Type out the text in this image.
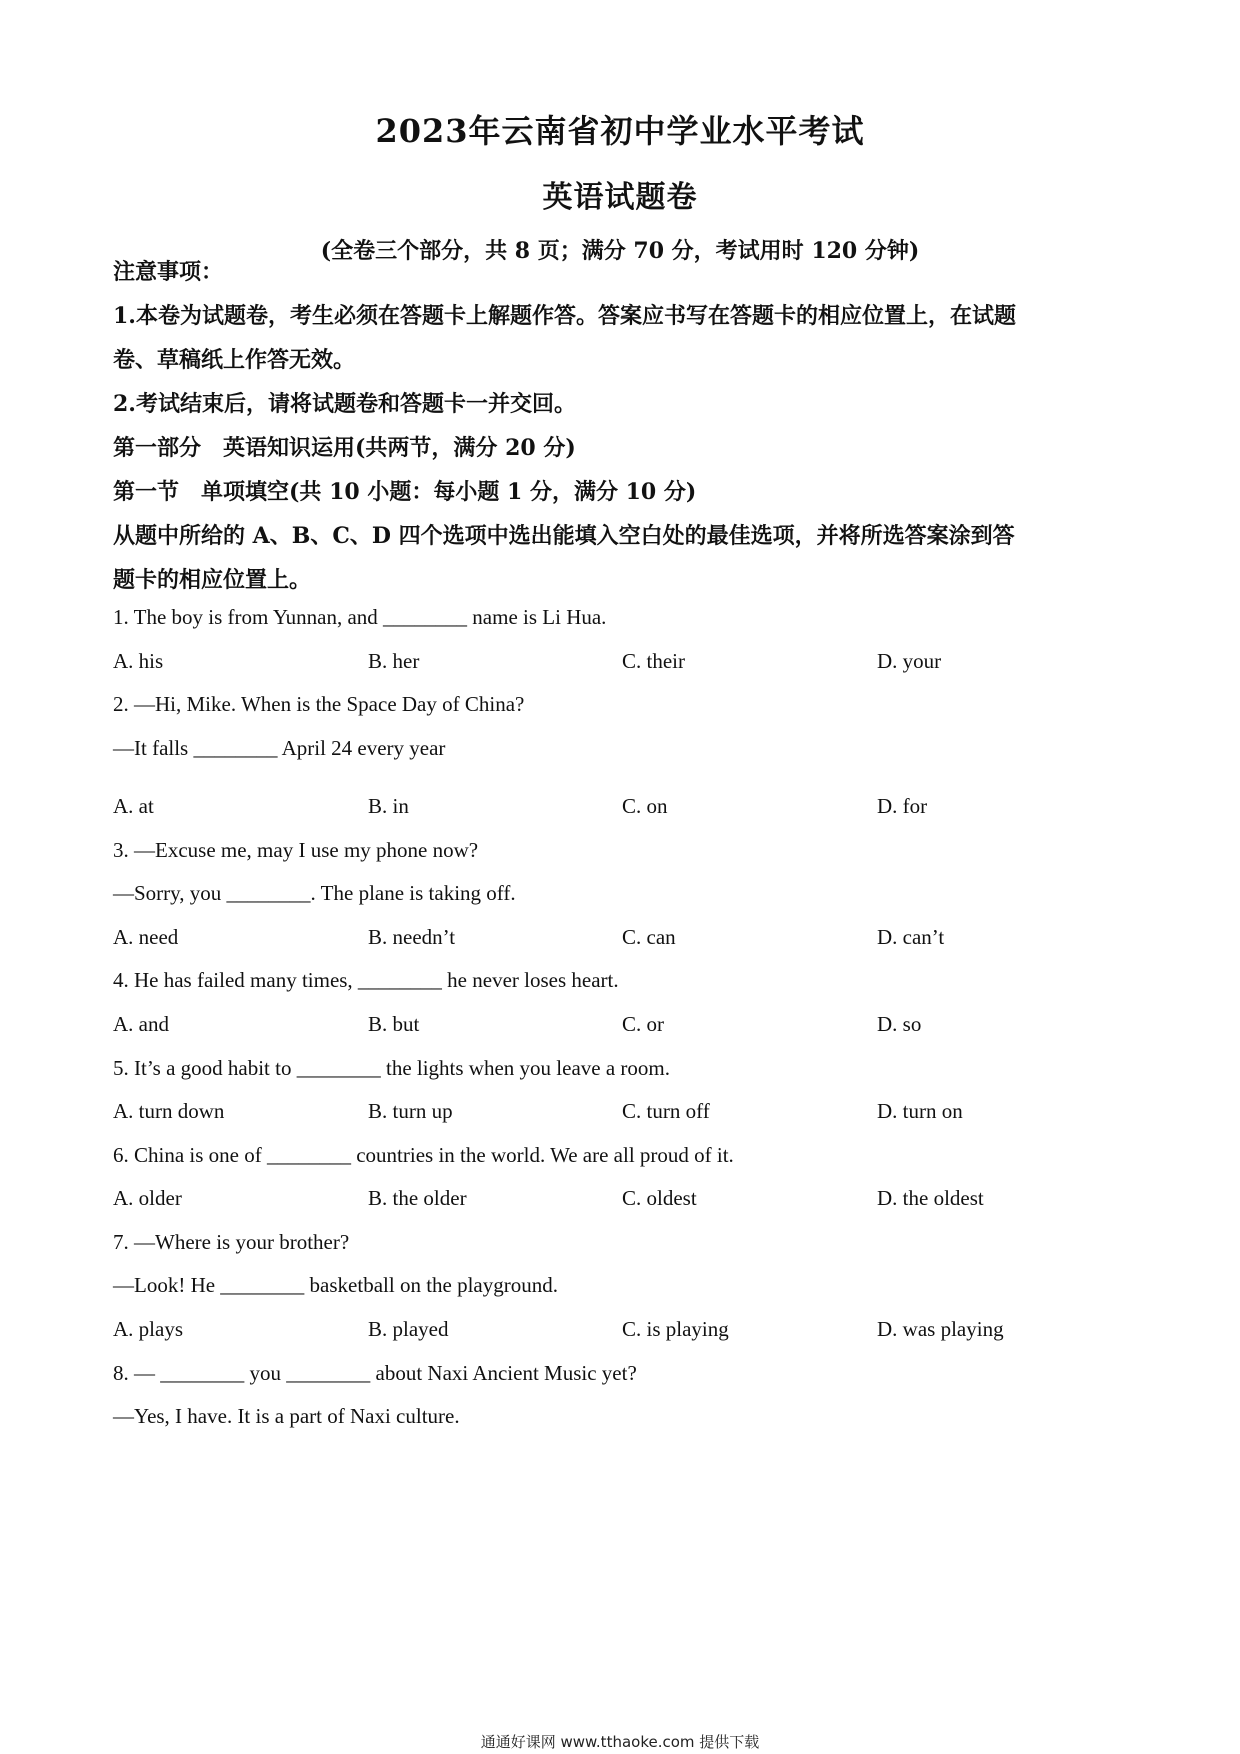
2023年云南省初中学业水平考试
英语试题卷
(全卷三个部分，共 8 页；满分 70 分，考试用时 120 分钟)
注意事项：
1.本卷为试题卷，考生必须在答题卡上解题作答。答案应书写在答题卡的相应位置上，在试题
卷、草稿纸上作答无效。
2.考试结束后，请将试题卷和答题卡一并交回。
第一部分　英语知识运用(共两节，满分 20 分)
第一节　单项填空(共 10 小题：每小题 1 分，满分 10 分)
从题中所给的 A、B、C、D 四个选项中选出能填入空白处的最佳选项，并将所选答案涂到答
题卡的相应位置上。
1. The boy is from Yunnan, and ________ name is Li Hua.
A. his	B. her	C. their	D. your
2. —Hi, Mike. When is the Space Day of China?
—It falls ________ April 24 every year
A. at	B. in	C. on	D. for
3. —Excuse me, may I use my phone now?
—Sorry, you ________. The plane is taking off.
A. need	B. needn’t	C. can	D. can’t
4. He has failed many times, ________ he never loses heart.
A. and	B. but	C. or	D. so
5. It’s a good habit to ________ the lights when you leave a room.
A. turn down	B. turn up	C. turn off	D. turn on
6. China is one of ________ countries in the world. We are all proud of it.
A. older	B. the older	C. oldest	D. the oldest
7. —Where is your brother?
—Look! He ________ basketball on the playground.
A. plays	B. played	C. is playing	D. was playing
8. — ________ you ________ about Naxi Ancient Music yet?
—Yes, I have. It is a part of Naxi culture.
通通好课网 www.tthaoke.com 提供下载
